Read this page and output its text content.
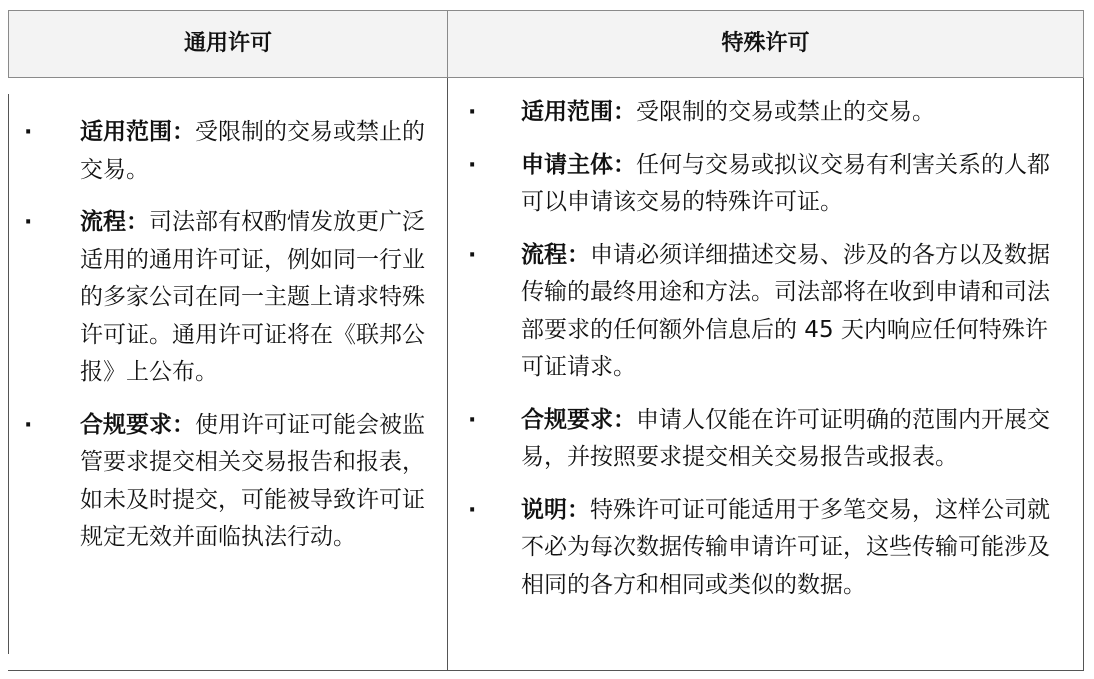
通用许可	特殊许可
· 适用范围：受限制的交易或禁止的交易。
· 流程：司法部有权酌情发放更广泛适用的通用许可证，例如同一行业的多家公司在同一主题上请求特殊许可证。通用许可证将在《联邦公报》上公布。
· 合规要求：使用许可证可能会被监管要求提交相关交易报告和报表，如未及时提交，可能被导致许可证规定无效并面临执法行动。
· 适用范围：受限制的交易或禁止的交易。
· 申请主体：任何与交易或拟议交易有利害关系的人都可以申请该交易的特殊许可证。
· 流程：申请必须详细描述交易、涉及的各方以及数据传输的最终用途和方法。司法部将在收到申请和司法部要求的任何额外信息后的 45 天内响应任何特殊许可证请求。
· 合规要求：申请人仅能在许可证明确的范围内开展交易，并按照要求提交相关交易报告或报表。
· 说明：特殊许可证可能适用于多笔交易，这样公司就不必为每次数据传输申请许可证，这些传输可能涉及相同的各方和相同或类似的数据。
